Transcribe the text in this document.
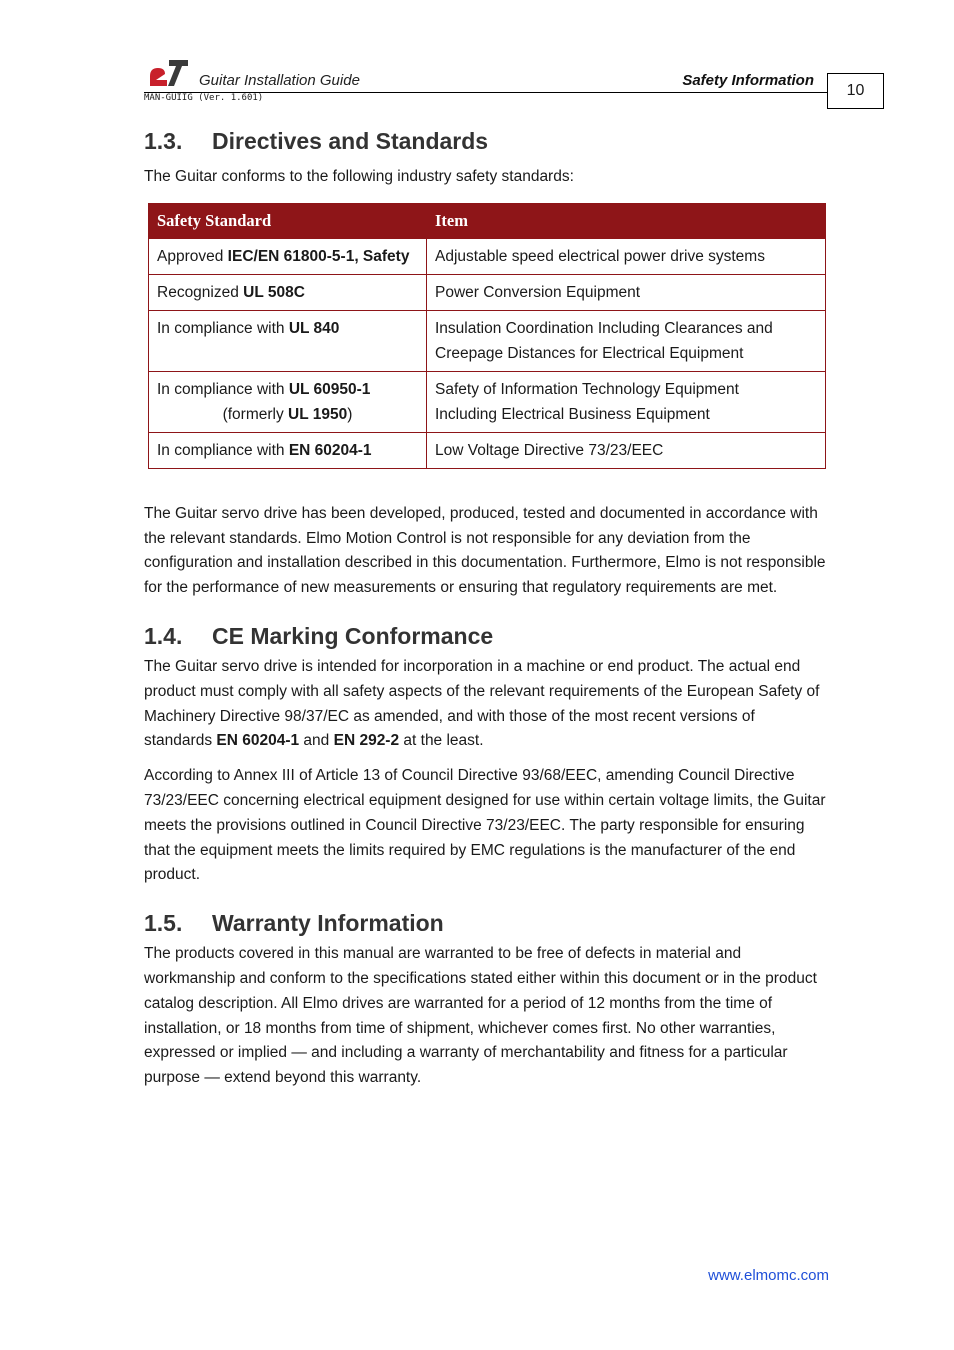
Guitar Installation Guide	Safety Information
MAN-GUIIG (Ver. 1.601)	10
1.3.	Directives and Standards

The Guitar conforms to the following industry safety standards:

Safety Standard	Item
Approved IEC/EN 61800-5-1, Safety	Adjustable speed electrical power drive systems
Recognized UL 508C	Power Conversion Equipment
In compliance with UL 840	Insulation Coordination Including Clearances and
Creepage Distances for Electrical Equipment
In compliance with UL 60950-1
(formerly UL 1950)	Safety of Information Technology Equipment
Including Electrical Business Equipment
In compliance with EN 60204-1	Low Voltage Directive 73/23/EEC

The Guitar servo drive has been developed, produced, tested and documented in accordance with the relevant standards. Elmo Motion Control is not responsible for any deviation from the configuration and installation described in this documentation. Furthermore, Elmo is not responsible for the performance of new measurements or ensuring that regulatory requirements are met.

1.4.	CE Marking Conformance

The Guitar servo drive is intended for incorporation in a machine or end product. The actual end product must comply with all safety aspects of the relevant requirements of the European Safety of Machinery Directive 98/37/EC as amended, and with those of the most recent versions of standards EN 60204-1 and EN 292-2 at the least.

According to Annex III of Article 13 of Council Directive 93/68/EEC, amending Council Directive 73/23/EEC concerning electrical equipment designed for use within certain voltage limits, the Guitar meets the provisions outlined in Council Directive 73/23/EEC. The party responsible for ensuring that the equipment meets the limits required by EMC regulations is the manufacturer of the end product.

1.5.	Warranty Information

The products covered in this manual are warranted to be free of defects in material and workmanship and conform to the specifications stated either within this document or in the product catalog description. All Elmo drives are warranted for a period of 12 months from the time of installation, or 18 months from time of shipment, whichever comes first. No other warranties, expressed or implied — and including a warranty of merchantability and fitness for a particular purpose — extend beyond this warranty.

www.elmomc.com
